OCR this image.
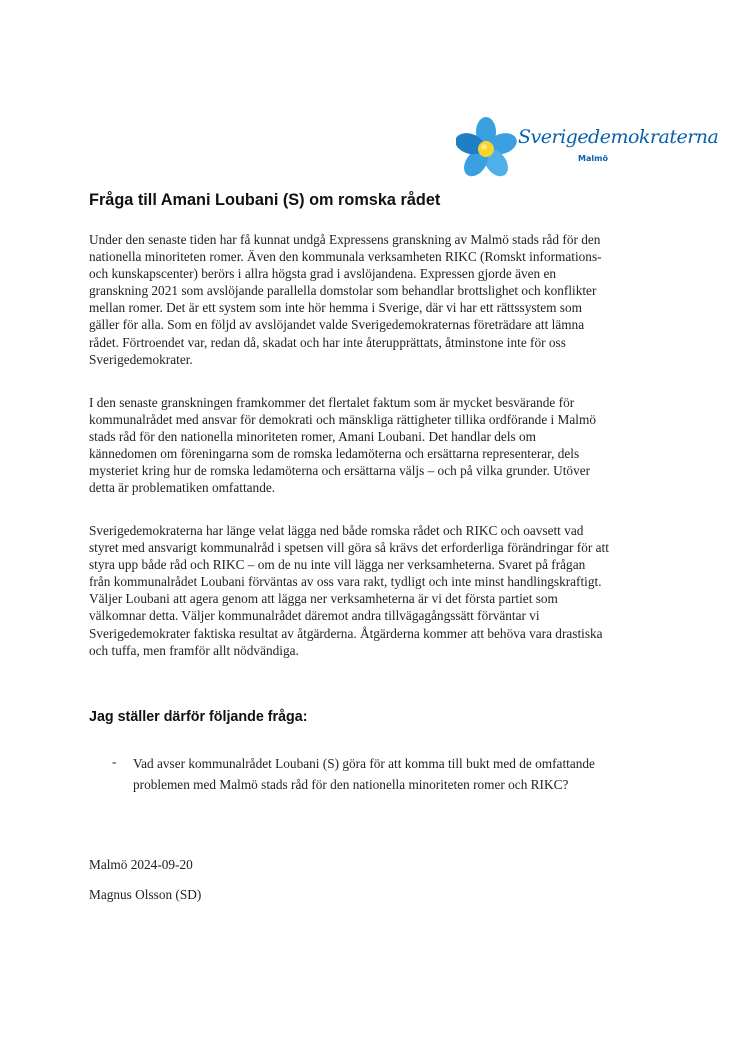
Sverigedemokraterna
Malmö
Fråga till Amani Loubani (S) om romska rådet

Under den senaste tiden har få kunnat undgå Expressens granskning av Malmö stads råd för den
nationella minoriteten romer. Även den kommunala verksamheten RIKC (Romskt informations-
och kunskapscenter) berörs i allra högsta grad i avslöjandena. Expressen gjorde även en
granskning 2021 som avslöjande parallella domstolar som behandlar brottslighet och konflikter
mellan romer. Det är ett system som inte hör hemma i Sverige, där vi har ett rättssystem som
gäller för alla. Som en följd av avslöjandet valde Sverigedemokraternas företrädare att lämna
rådet. Förtroendet var, redan då, skadat och har inte återupprättats, åtminstone inte för oss
Sverigedemokrater.

I den senaste granskningen framkommer det flertalet faktum som är mycket besvärande för
kommunalrådet med ansvar för demokrati och mänskliga rättigheter tillika ordförande i Malmö
stads råd för den nationella minoriteten romer, Amani Loubani. Det handlar dels om
kännedomen om föreningarna som de romska ledamöterna och ersättarna representerar, dels
mysteriet kring hur de romska ledamöterna och ersättarna väljs – och på vilka grunder. Utöver
detta är problematiken omfattande.

Sverigedemokraterna har länge velat lägga ned både romska rådet och RIKC och oavsett vad
styret med ansvarigt kommunalråd i spetsen vill göra så krävs det erforderliga förändringar för att
styra upp både råd och RIKC – om de nu inte vill lägga ner verksamheterna. Svaret på frågan
från kommunalrådet Loubani förväntas av oss vara rakt, tydligt och inte minst handlingskraftigt.
Väljer Loubani att agera genom att lägga ner verksamheterna är vi det första partiet som
välkomnar detta. Väljer kommunalrådet däremot andra tillvägagångssätt förväntar vi
Sverigedemokrater faktiska resultat av åtgärderna. Åtgärderna kommer att behöva vara drastiska
och tuffa, men framför allt nödvändiga.

Jag ställer därför följande fråga:
- Vad avser kommunalrådet Loubani (S) göra för att komma till bukt med de omfattande
problemen med Malmö stads råd för den nationella minoriteten romer och RIKC?
Malmö 2024-09-20
Magnus Olsson (SD)
